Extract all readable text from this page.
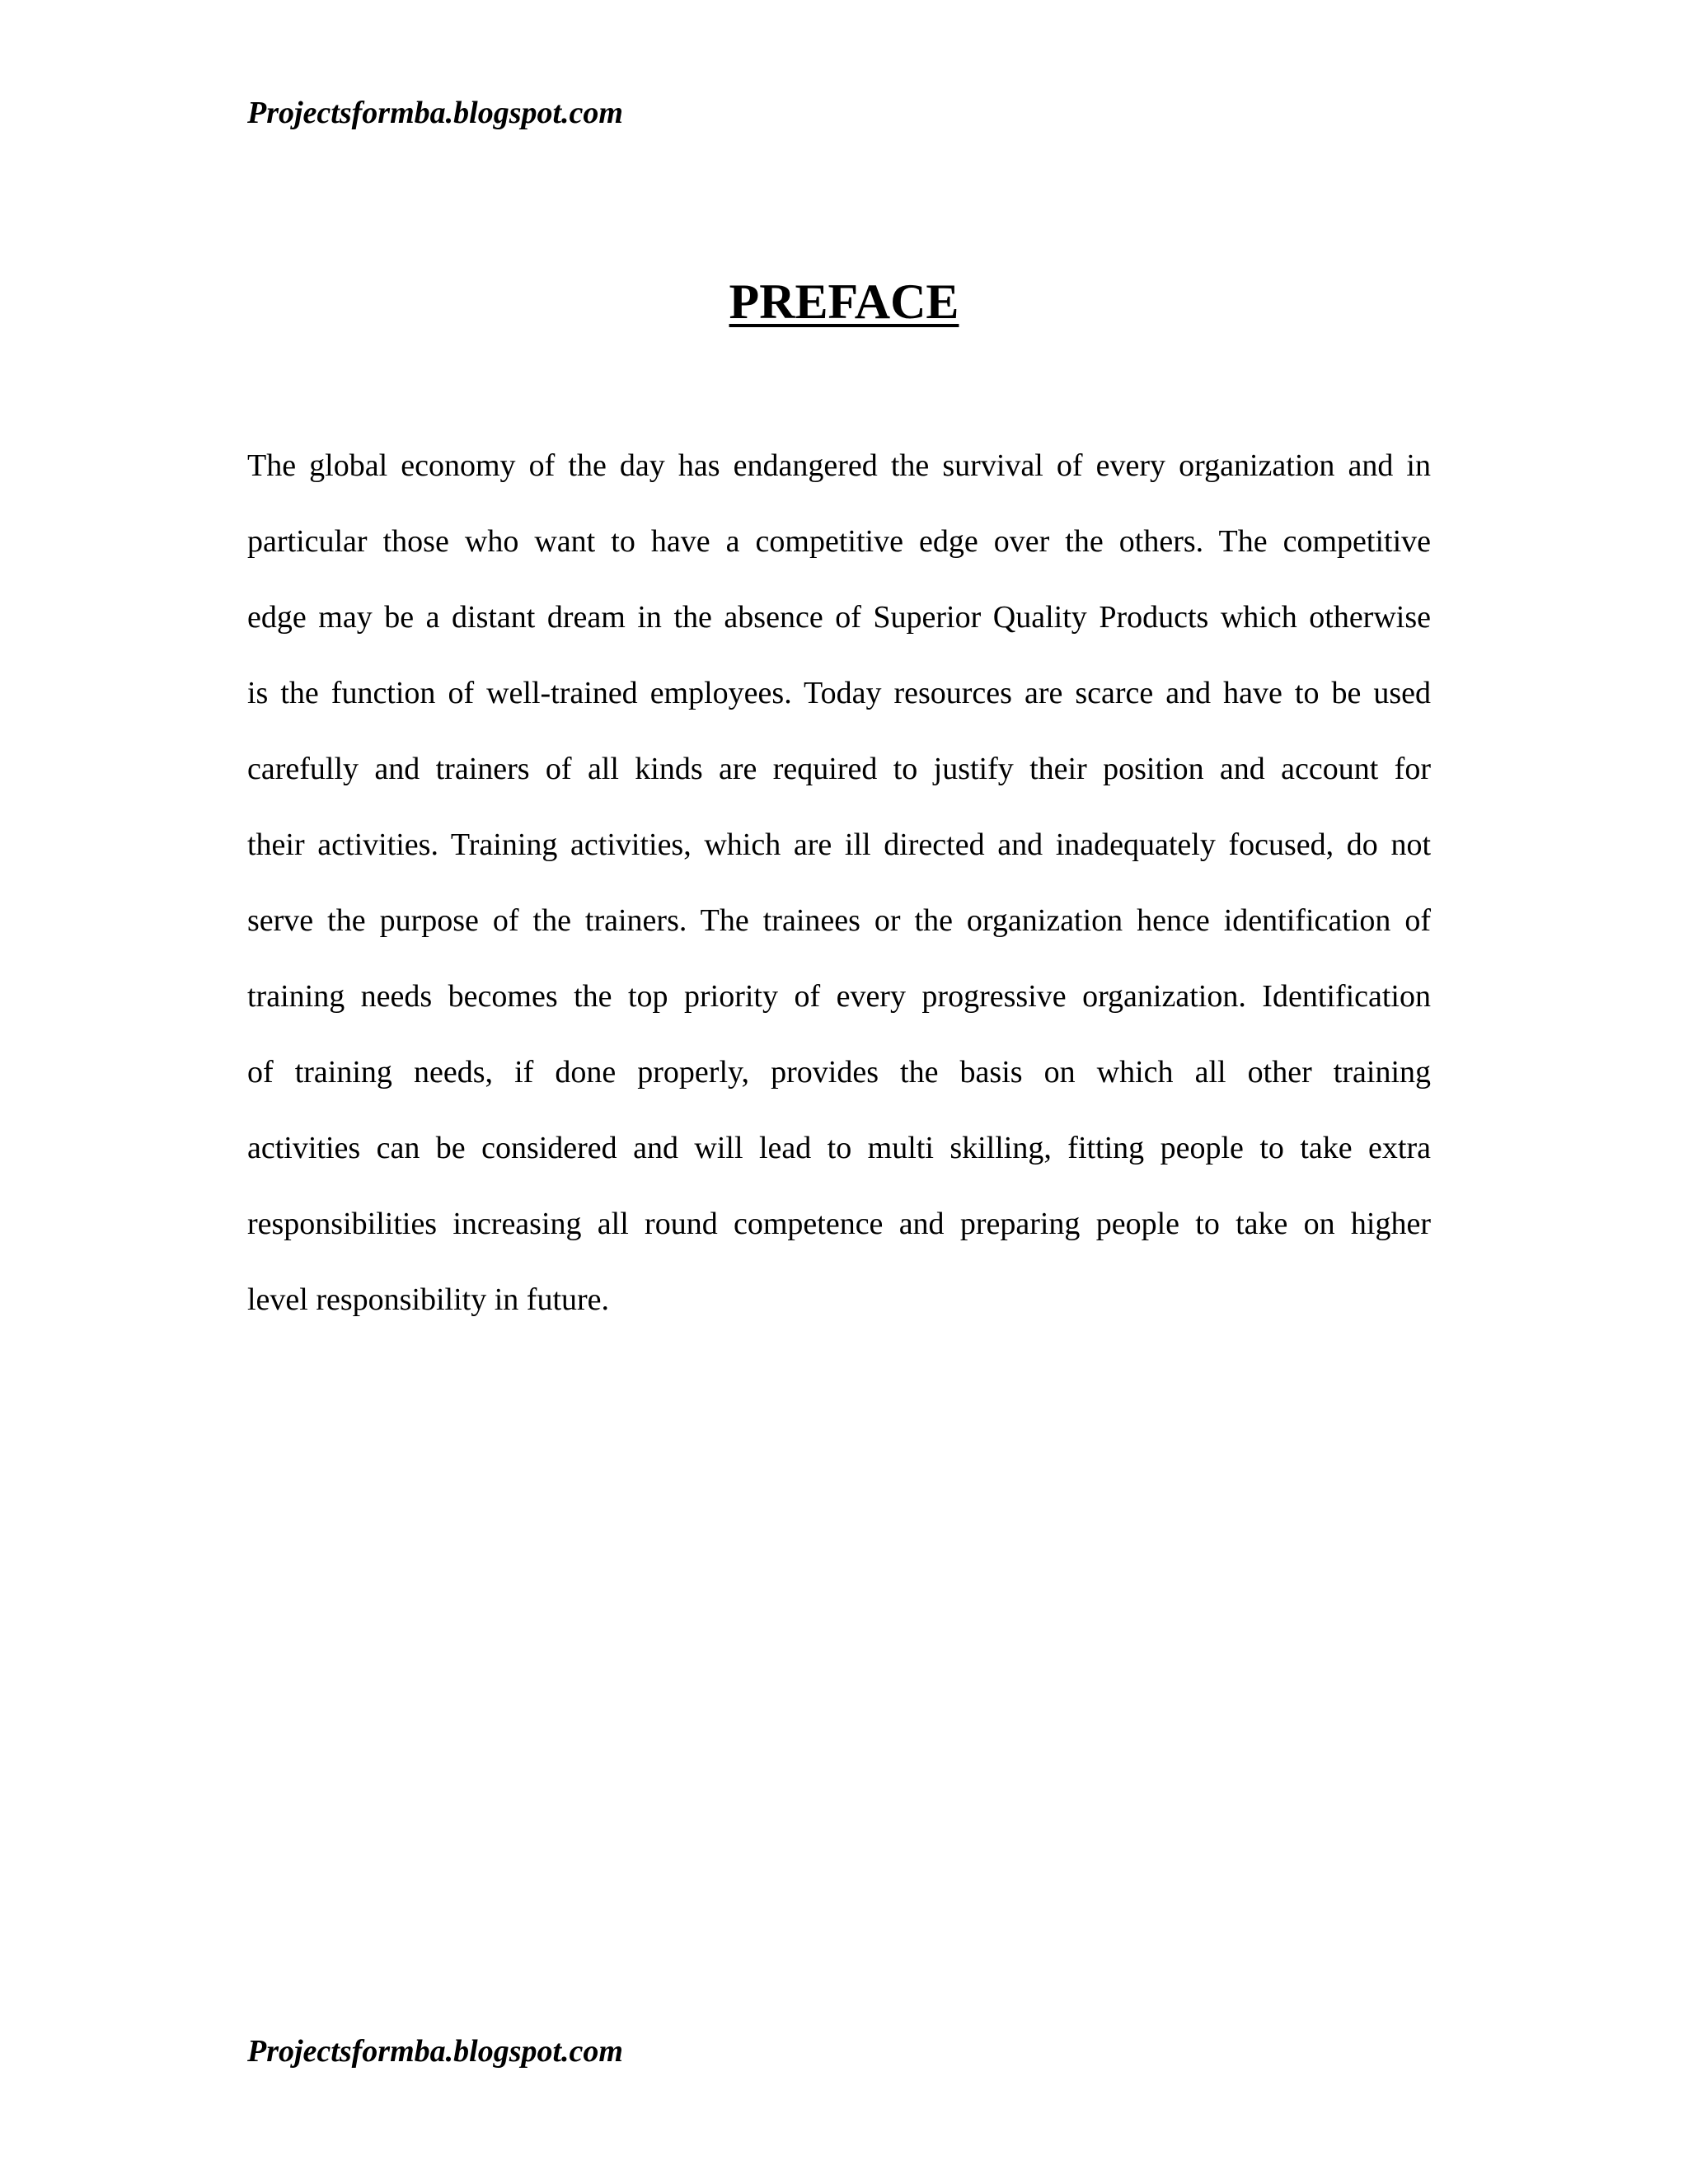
Projectsformba.blogspot.com
PREFACE
The global economy of the day has endangered the survival of every organization and in
particular those who want to have a competitive edge over the others. The competitive
edge may be a distant dream in the absence of Superior Quality Products which otherwise
is the function of well-trained employees. Today resources are scarce and have to be used
carefully and trainers of all kinds are required to justify their position and account for
their activities. Training activities, which are ill directed and inadequately focused, do not
serve the purpose of the trainers. The trainees or the organization hence identification of
training needs becomes the top priority of every progressive organization. Identification
of training needs, if done properly, provides the basis on which all other training
activities can be considered and will lead to multi skilling, fitting people to take extra
responsibilities increasing all round competence and preparing people to take on higher
level responsibility in future.
Projectsformba.blogspot.com
